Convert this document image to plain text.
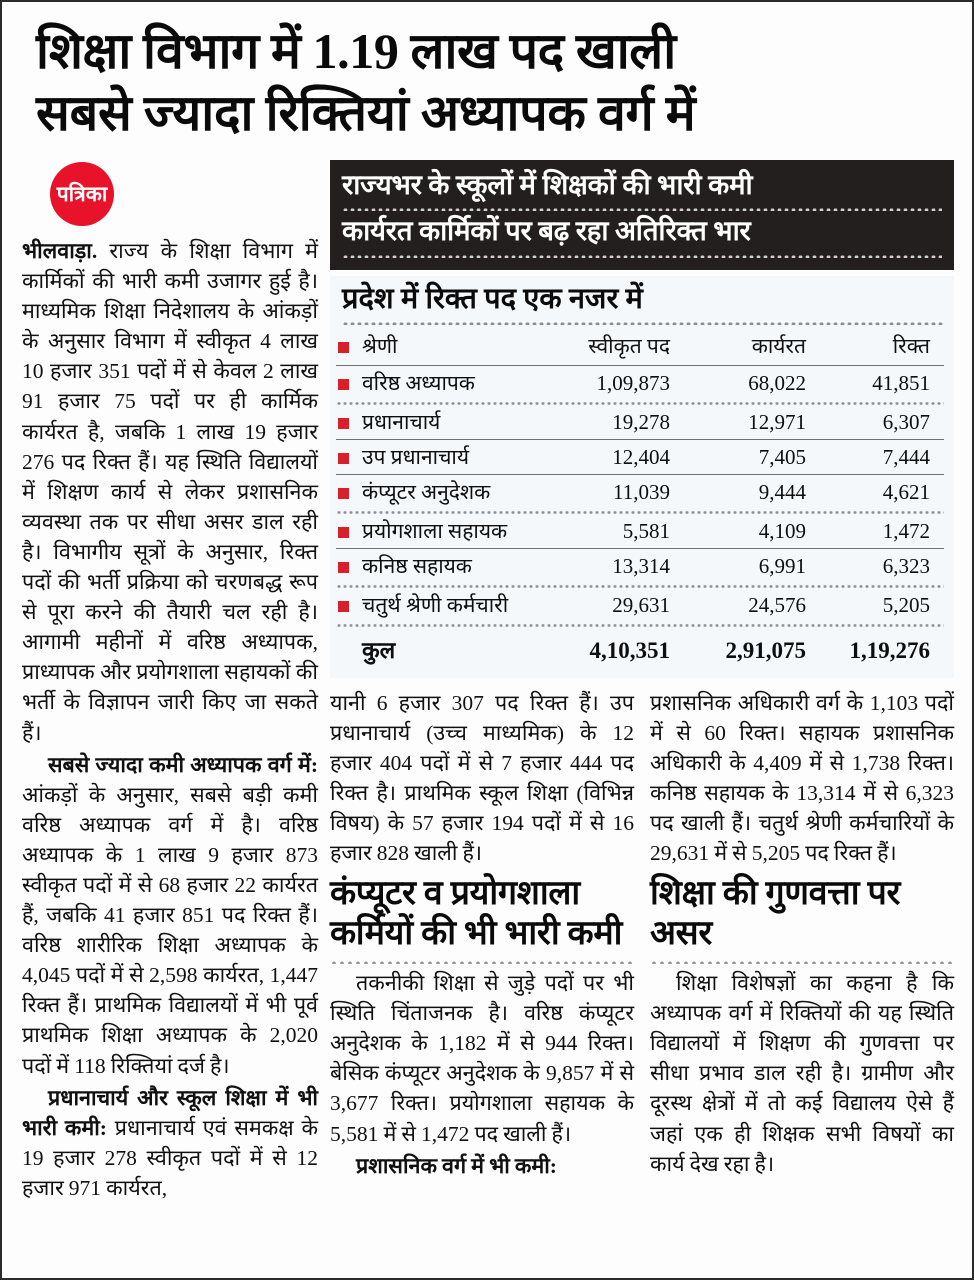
शिक्षा विभाग में 1.19 लाख पद खाली
सबसे ज्यादा रिक्तियां अध्यापक वर्ग में
पत्रिका

भीलवाड़ा. राज्य के शिक्षा विभाग में कार्मिकों की भारी कमी उजागर हुई है। माध्यमिक शिक्षा निदेशालय के आंकड़ों के अनुसार विभाग में स्वीकृत 4 लाख 10 हजार 351 पदों में से केवल 2 लाख 91 हजार 75 पदों पर ही कार्मिक कार्यरत है, जबकि 1 लाख 19 हजार 276 पद रिक्त हैं। यह स्थिति विद्यालयों में शिक्षण कार्य से लेकर प्रशासनिक व्यवस्था तक पर सीधा असर डाल रही है। विभागीय सूत्रों के अनुसार, रिक्त पदों की भर्ती प्रक्रिया को चरणबद्ध रूप से पूरा करने की तैयारी चल रही है। आगामी महीनों में वरिष्ठ अध्यापक, प्राध्यापक और प्रयोगशाला सहायकों की भर्ती के विज्ञापन जारी किए जा सकते हैं।

सबसे ज्यादा कमी अध्यापक वर्ग में: आंकड़ों के अनुसार, सबसे बड़ी कमी वरिष्ठ अध्यापक वर्ग में है। वरिष्ठ अध्यापक के 1 लाख 9 हजार 873 स्वीकृत पदों में से 68 हजार 22 कार्यरत हैं, जबकि 41 हजार 851 पद रिक्त हैं। वरिष्ठ शारीरिक शिक्षा अध्यापक के 4,045 पदों में से 2,598 कार्यरत, 1,447 रिक्त हैं। प्राथमिक विद्यालयों में भी पूर्व प्राथमिक शिक्षा अध्यापक के 2,020 पदों में 118 रिक्तियां दर्ज है।

प्रधानाचार्य और स्कूल शिक्षा में भी भारी कमी: प्रधानाचार्य एवं समकक्ष के 19 हजार 278 स्वीकृत पदों में से 12 हजार 971 कार्यरत,

राज्यभर के स्कूलों में शिक्षकों की भारी कमी
कार्यरत कार्मिकों पर बढ़ रहा अतिरिक्त भार
प्रदेश में रिक्त पद एक नजर में
	श्रेणी	स्वीकृत पद	कार्यरत	रिक्त

	वरिष्ठ अध्यापक	1,09,873	68,022	41,851

	प्रधानाचार्य	19,278	12,971	6,307

	उप प्रधानाचार्य	12,404	7,405	7,444

	कंप्यूटर अनुदेशक	11,039	9,444	4,621

	प्रयोगशाला सहायक	5,581	4,109	1,472

	कनिष्ठ सहायक	13,314	6,991	6,323

	चतुर्थ श्रेणी कर्मचारी	29,631	24,576	5,205

	कुल	4,10,351	2,91,075	1,19,276

यानी 6 हजार 307 पद रिक्त हैं। उप प्रधानाचार्य (उच्च माध्यमिक) के 12 हजार 404 पदों में से 7 हजार 444 पद रिक्त है। प्राथमिक स्कूल शिक्षा (विभिन्न विषय) के 57 हजार 194 पदों में से 16 हजार 828 खाली हैं।

कंप्यूटर व प्रयोगशाला कर्मियों की भी भारी कमी

तकनीकी शिक्षा से जुड़े पदों पर भी स्थिति चिंताजनक है। वरिष्ठ कंप्यूटर अनुदेशक के 1,182 में से 944 रिक्त। बेसिक कंप्यूटर अनुदेशक के 9,857 में से 3,677 रिक्त। प्रयोगशाला सहायक के 5,581 में से 1,472 पद खाली हैं।

प्रशासनिक वर्ग में भी कमी:

प्रशासनिक अधिकारी वर्ग के 1,103 पदों में से 60 रिक्त। सहायक प्रशासनिक अधिकारी के 4,409 में से 1,738 रिक्त। कनिष्ठ सहायक के 13,314 में से 6,323 पद खाली हैं। चतुर्थ श्रेणी कर्मचारियों के 29,631 में से 5,205 पद रिक्त हैं।

शिक्षा की गुणवत्ता पर असर

शिक्षा विशेषज्ञों का कहना है कि अध्यापक वर्ग में रिक्तियों की यह स्थिति विद्यालयों में शिक्षण की गुणवत्ता पर सीधा प्रभाव डाल रही है। ग्रामीण और दूरस्थ क्षेत्रों में तो कई विद्यालय ऐसे हैं जहां एक ही शिक्षक सभी विषयों का कार्य देख रहा है।
